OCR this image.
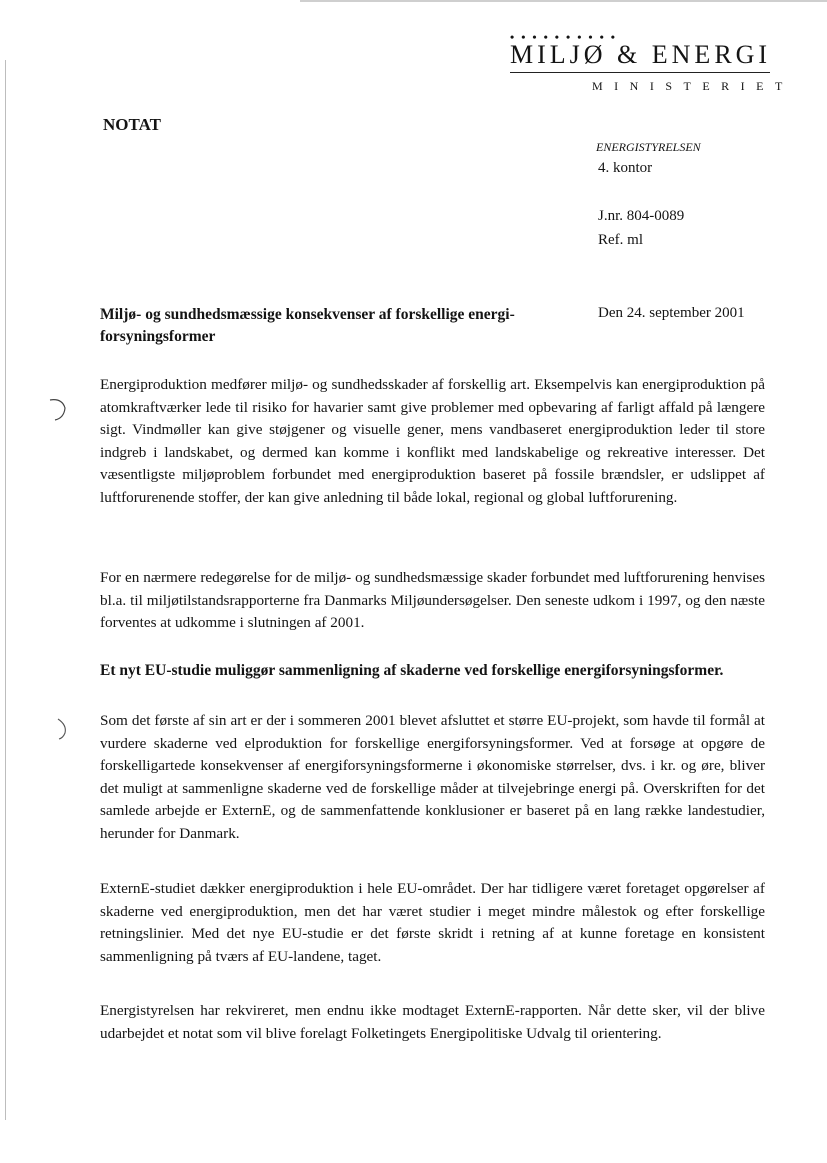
• • • • • • • • • •
MILJØ & ENERGI
MINISTERIET
NOTAT
ENERGISTYRELSEN
4. kontor
J.nr. 804-0089
Ref. ml
Miljø- og sundhedsmæssige konsekvenser af forskellige energi-forsyningsformer
Den 24. september 2001
Energiproduktion medfører miljø- og sundhedsskader af forskellig art. Eksempelvis kan energiproduktion på atomkraftværker lede til risiko for havarier samt give problemer med opbevaring af farligt affald på længere sigt. Vindmøller kan give støjgener og visuelle gener, mens vandbaseret energiproduktion leder til store indgreb i landskabet, og dermed kan komme i konflikt med landskabelige og rekreative interesser. Det væsentligste miljøproblem forbundet med energiproduktion baseret på fossile brændsler, er udslippet af luftforurenende stoffer, der kan give anledning til både lokal, regional og global luftforurening.
For en nærmere redegørelse for de miljø- og sundhedsmæssige skader forbundet med luftforurening henvises bl.a. til miljøtilstandsrapporterne fra Danmarks Miljøundersøgelser. Den seneste udkom i 1997, og den næste forventes at udkomme i slutningen af 2001.
Et nyt EU-studie muliggør sammenligning af skaderne ved forskellige energiforsyningsformer.
Som det første af sin art er der i sommeren 2001 blevet afsluttet et større EU-projekt, som havde til formål at vurdere skaderne ved elproduktion for forskellige energiforsyningsformer. Ved at forsøge at opgøre de forskelligartede konsekvenser af energiforsyningsformerne i økonomiske størrelser, dvs. i kr. og øre, bliver det muligt at sammenligne skaderne ved de forskellige måder at tilvejebringe energi på. Overskriften for det samlede arbejde er ExternE, og de sammenfattende konklusioner er baseret på en lang række landestudier, herunder for Danmark.
ExternE-studiet dækker energiproduktion i hele EU-området. Der har tidligere været foretaget opgørelser af skaderne ved energiproduktion, men det har været studier i meget mindre målestok og efter forskellige retningslinier. Med det nye EU-studie er det første skridt i retning af at kunne foretage en konsistent sammenligning på tværs af EU-landene, taget.
Energistyrelsen har rekvireret, men endnu ikke modtaget ExternE-rapporten. Når dette sker, vil der blive udarbejdet et notat som vil blive forelagt Folketingets Energipolitiske Udvalg til orientering.
